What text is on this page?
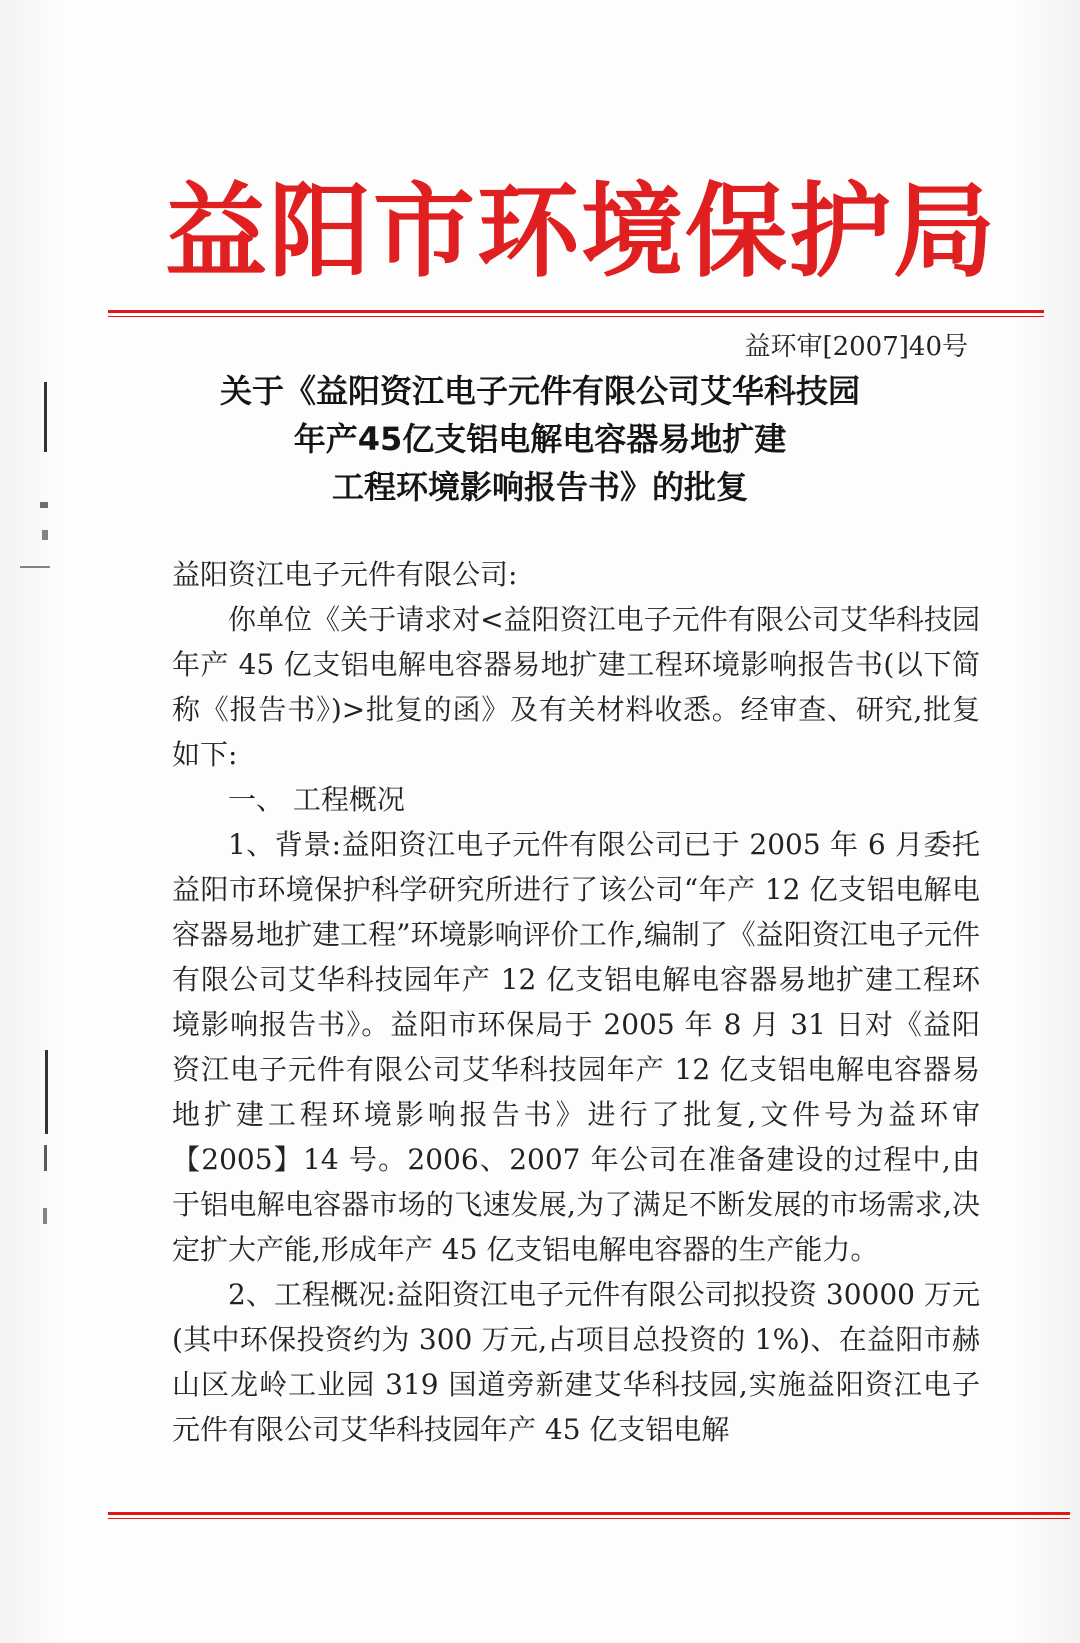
益阳市环境保护局
益环审[2007]40号
关于《益阳资江电子元件有限公司艾华科技园
年产45亿支铝电解电容器易地扩建
工程环境影响报告书》的批复

益阳资江电子元件有限公司:

你单位《关于请求对<益阳资江电子元件有限公司艾华科技园年产 45 亿支铝电解电容器易地扩建工程环境影响报告书(以下简称《报告书》)>批复的函》及有关材料收悉。经审查、研究,批复如下:

一、 工程概况

1、背景:益阳资江电子元件有限公司已于 2005 年 6 月委托益阳市环境保护科学研究所进行了该公司“年产 12 亿支铝电解电容器易地扩建工程”环境影响评价工作,编制了《益阳资江电子元件有限公司艾华科技园年产 12 亿支铝电解电容器易地扩建工程环境影响报告书》。益阳市环保局于 2005 年 8 月 31 日对《益阳资江电子元件有限公司艾华科技园年产 12 亿支铝电解电容器易地扩建工程环境影响报告书》进行了批复,文件号为益环审【2005】14 号。2006、2007 年公司在准备建设的过程中,由于铝电解电容器市场的飞速发展,为了满足不断发展的市场需求,决定扩大产能,形成年产 45 亿支铝电解电容器的生产能力。

2、工程概况:益阳资江电子元件有限公司拟投资 30000 万元(其中环保投资约为 300 万元,占项目总投资的 1%)、在益阳市赫山区龙岭工业园 319 国道旁新建艾华科技园,实施益阳资江电子元件有限公司艾华科技园年产 45 亿支铝电解
